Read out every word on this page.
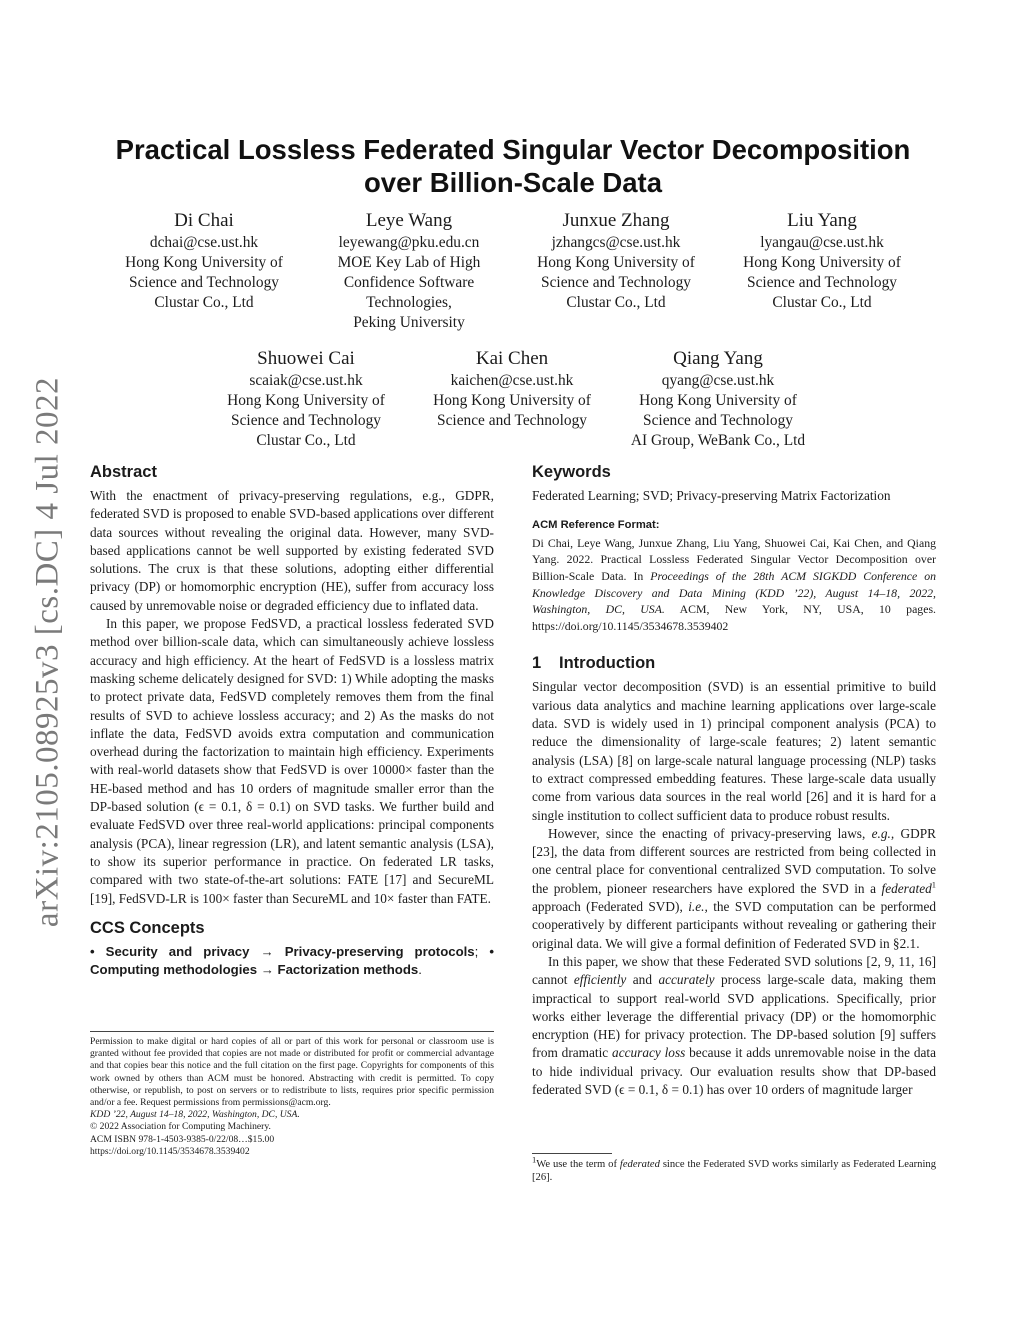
arXiv:2105.08925v3 [cs.DC] 4 Jul 2022
Practical Lossless Federated Singular Vector Decomposition over Billion-Scale Data
Di Chai
dchai@cse.ust.hk
Hong Kong University of
Science and Technology
Clustar Co., Ltd
Leye Wang
leyewang@pku.edu.cn
MOE Key Lab of High
Confidence Software
Technologies,
Peking University
Junxue Zhang
jzhangcs@cse.ust.hk
Hong Kong University of
Science and Technology
Clustar Co., Ltd
Liu Yang
lyangau@cse.ust.hk
Hong Kong University of
Science and Technology
Clustar Co., Ltd
Shuowei Cai
scaiak@cse.ust.hk
Hong Kong University of
Science and Technology
Clustar Co., Ltd
Kai Chen
kaichen@cse.ust.hk
Hong Kong University of
Science and Technology
Qiang Yang
qyang@cse.ust.hk
Hong Kong University of
Science and Technology
AI Group, WeBank Co., Ltd
Abstract

With the enactment of privacy-preserving regulations, e.g., GDPR, federated SVD is proposed to enable SVD-based applications over different data sources without revealing the original data. However, many SVD-based applications cannot be well supported by existing federated SVD solutions. The crux is that these solutions, adopting either differential privacy (DP) or homomorphic encryption (HE), suffer from accuracy loss caused by unremovable noise or degraded efficiency due to inflated data.

In this paper, we propose FedSVD, a practical lossless federated SVD method over billion-scale data, which can simultaneously achieve lossless accuracy and high efficiency. At the heart of FedSVD is a lossless matrix masking scheme delicately designed for SVD: 1) While adopting the masks to protect private data, FedSVD completely removes them from the final results of SVD to achieve lossless accuracy; and 2) As the masks do not inflate the data, FedSVD avoids extra computation and communication overhead during the factorization to maintain high efficiency. Experiments with real-world datasets show that FedSVD is over 10000× faster than the HE-based method and has 10 orders of magnitude smaller error than the DP-based solution (ϵ = 0.1, δ = 0.1) on SVD tasks. We further build and evaluate FedSVD over three real-world applications: principal components analysis (PCA), linear regression (LR), and latent semantic analysis (LSA), to show its superior performance in practice. On federated LR tasks, compared with two state-of-the-art solutions: FATE [17] and SecureML [19], FedSVD-LR is 100× faster than SecureML and 10× faster than FATE.

CCS Concepts
• Security and privacy → Privacy-preserving protocols; • Computing methodologies → Factorization methods.

Permission to make digital or hard copies of all or part of this work for personal or classroom use is granted without fee provided that copies are not made or distributed for profit or commercial advantage and that copies bear this notice and the full citation on the first page. Copyrights for components of this work owned by others than ACM must be honored. Abstracting with credit is permitted. To copy otherwise, or republish, to post on servers or to redistribute to lists, requires prior specific permission and/or a fee. Request permissions from permissions@acm.org.

KDD ’22, August 14–18, 2022, Washington, DC, USA.

© 2022 Association for Computing Machinery.

ACM ISBN 978-1-4503-9385-0/22/08…$15.00

https://doi.org/10.1145/3534678.3539402

Keywords

Federated Learning; SVD; Privacy-preserving Matrix Factorization

ACM Reference Format:
Di Chai, Leye Wang, Junxue Zhang, Liu Yang, Shuowei Cai, Kai Chen, and Qiang Yang. 2022. Practical Lossless Federated Singular Vector Decomposition over Billion-Scale Data. In Proceedings of the 28th ACM SIGKDD Conference on Knowledge Discovery and Data Mining (KDD ’22), August 14–18, 2022, Washington, DC, USA. ACM, New York, NY, USA, 10 pages. https://doi.org/10.1145/3534678.3539402
1 Introduction

Singular vector decomposition (SVD) is an essential primitive to build various data analytics and machine learning applications over large-scale data. SVD is widely used in 1) principal component analysis (PCA) to reduce the dimensionality of large-scale features; 2) latent semantic analysis (LSA) [8] on large-scale natural language processing (NLP) tasks to extract compressed embedding features. These large-scale data usually come from various data sources in the real world [26] and it is hard for a single institution to collect sufficient data to produce robust results.

However, since the enacting of privacy-preserving laws, e.g., GDPR [23], the data from different sources are restricted from being collected in one central place for conventional centralized SVD computation. To solve the problem, pioneer researchers have explored the SVD in a federated$^1$ approach (Federated SVD), i.e., the SVD computation can be performed cooperatively by different participants without revealing or gathering their original data. We will give a formal definition of Federated SVD in §2.1.

In this paper, we show that these Federated SVD solutions [2, 9, 11, 16] cannot efficiently and accurately process large-scale data, making them impractical to support real-world SVD applications. Specifically, prior works either leverage the differential privacy (DP) or the homomorphic encryption (HE) for privacy protection. The DP-based solution [9] suffers from dramatic accuracy loss because it adds unremovable noise in the data to hide individual privacy. Our evaluation results show that DP-based federated SVD (ϵ = 0.1, δ = 0.1) has over 10 orders of magnitude larger

$^1$We use the term of federated since the Federated SVD works similarly as Federated Learning [26].
